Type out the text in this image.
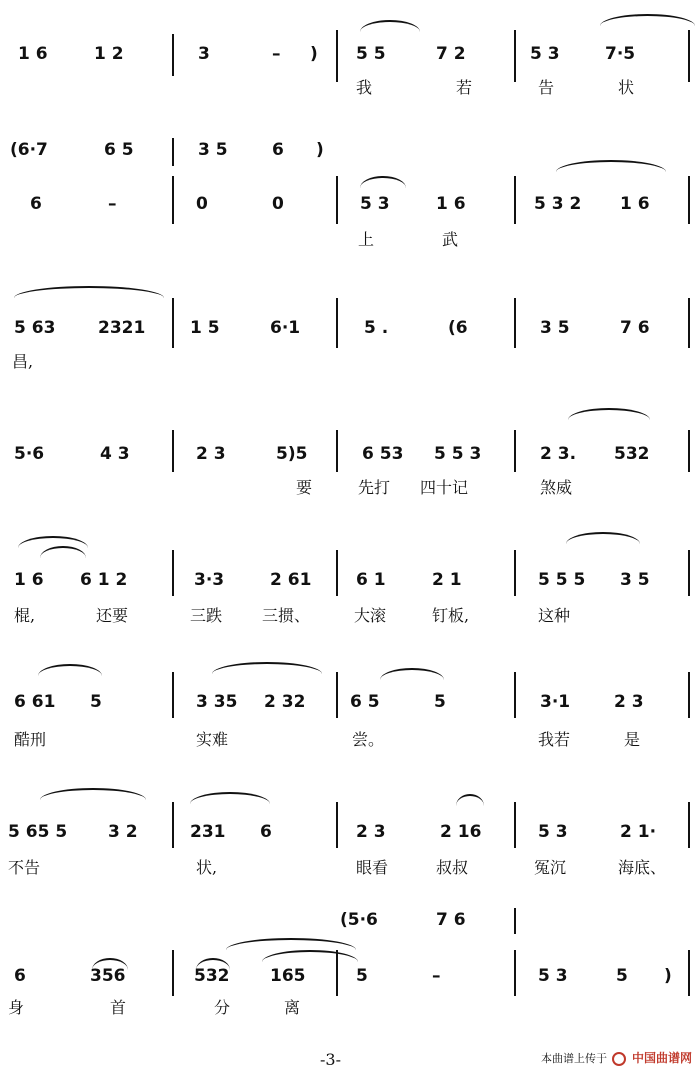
1 6	1 2	3	– ) 5 5	7 2	5 3	7·5
我	若	告	状
(6·7	6 5	3 5	6 )
6	–	0	0	5 3	1 6	5 3 2 1 6
上	武
5 63	2321	1 5	6·1	5 .	(6	3 5	7 6
昌,
5·6	4 3	2 3	5)5	6 53 5 5 3	2 3. 532
要	先打 四十记	煞威
1 6 6 1 2	3·3	2 61	6 1	2 1	5 5 5 3 5
棍,	还要	三跌 三掼、	大滚	钉板,	这种
6 61 5	3 35 2 32	6 5	5	3·1	2 3
酷刑	实难	尝。	我若	是
5 65 5 3 2	231 6	2 3	2 16	5 3	2 1·
不告	状,	眼看	叔叔	冤沉	海底、
(5·6	7 6
6	356	532 165	5	–	5 3	5 )
身	首	分	离
-3-	本曲谱上传于 中国曲谱网
